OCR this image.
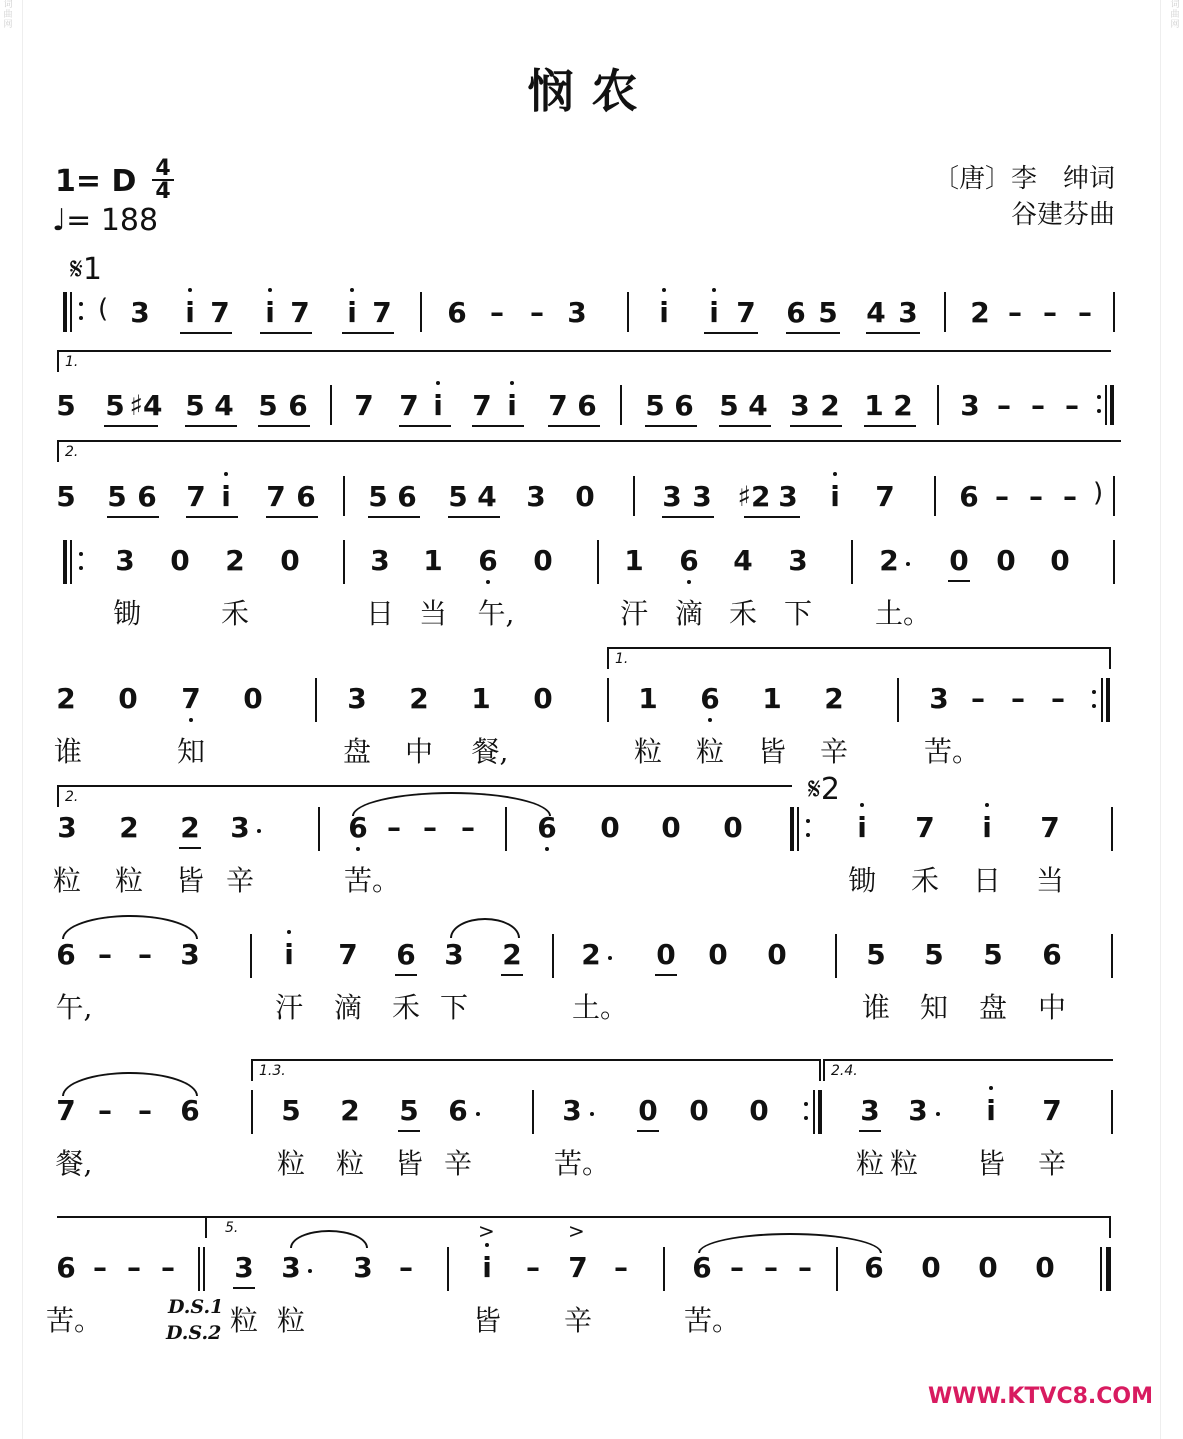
悯农
1= D 4
4
♩= 188
〔唐〕李　绅词
谷建芬曲
𝄋1
( 3 i 7 i 7 i 7 6 – – 3	i i 7 6 5 4 3 2 – – –
1.
5 5 ♯4 5 4 5 6 7 7 i 7 i 7 6 5 6 5 4 3 2 1 2 3 – – –
2.
5 5 6 7 i 7 6 5 6 5 4 3 0 3 3 ♯2 3 i 7 6 – – – )
3 0 2 0	3 1 6 0	1 6 4 3	2 0 0 0
锄	禾	日 当 午,	汗 滴 禾 下 土。
1.
2 0 7 0	3 2 1 0	1 6 1 2	3 – – –
谁	知	盘 中 餐,	粒 粒 皆 辛	苦。
2.	𝄋2
3 2 2 3	6 – – – 6 0 0 0	i 7 i 7
粒 粒 皆 辛	苦。	锄 禾 日 当
6 – – 3	i 7 6 3 2 2 0 0 0	5 5 5 6
午,	汗 滴 禾 下	土。	谁 知 盘 中
1.3.	2.4.
7 – – 6	5 2 5 6	3 0 0 0	3 3 i 7
餐,	粒 粒 皆 辛	苦。	粒 粒 皆 辛
5.	>	>
6 – – – 3 3 3 – i – 7 – 6 – – – 6 0 0 0
苦。	粒 粒	皆 辛	苦。
D.S.1
D.S.2
词
曲
网
词
曲
网
WWW.KTVC8.COM
